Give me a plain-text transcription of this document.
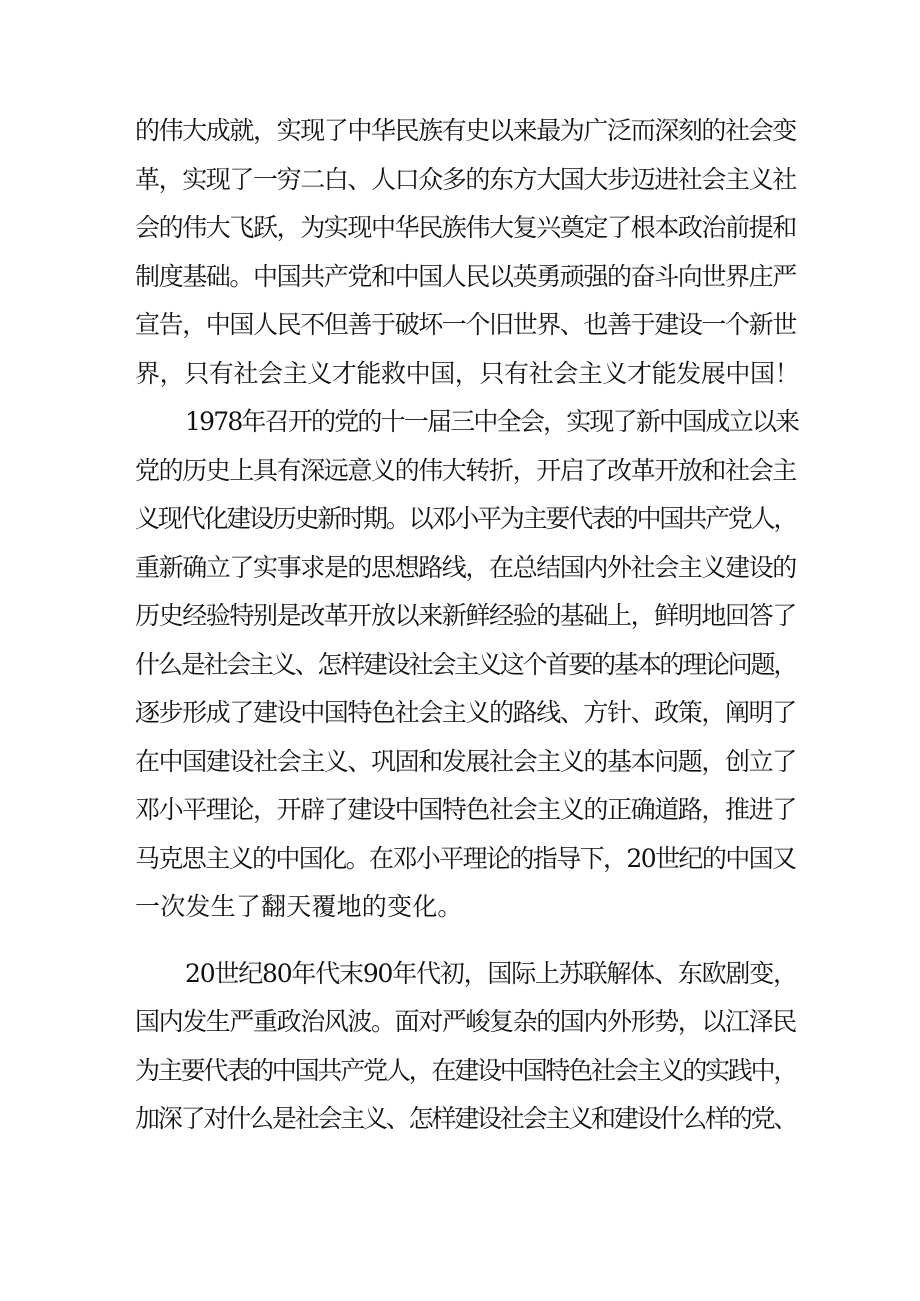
的伟大成就，实现了中华民族有史以来最为广泛而深刻的社会变
革，实现了一穷二白、人口众多的东方大国大步迈进社会主义社
会的伟大飞跃，为实现中华民族伟大复兴奠定了根本政治前提和
制度基础。中国共产党和中国人民以英勇顽强的奋斗向世界庄严
宣告，中国人民不但善于破坏一个旧世界、也善于建设一个新世
界，只有社会主义才能救中国，只有社会主义才能发展中国！
1978年召开的党的十一届三中全会，实现了新中国成立以来
党的历史上具有深远意义的伟大转折，开启了改革开放和社会主
义现代化建设历史新时期。以邓小平为主要代表的中国共产党人，
重新确立了实事求是的思想路线，在总结国内外社会主义建设的
历史经验特别是改革开放以来新鲜经验的基础上，鲜明地回答了
什么是社会主义、怎样建设社会主义这个首要的基本的理论问题，
逐步形成了建设中国特色社会主义的路线、方针、政策，阐明了
在中国建设社会主义、巩固和发展社会主义的基本问题，创立了
邓小平理论，开辟了建设中国特色社会主义的正确道路，推进了
马克思主义的中国化。在邓小平理论的指导下，20世纪的中国又
一次发生了翻天覆地的变化。
20世纪80年代末90年代初，国际上苏联解体、东欧剧变，
国内发生严重政治风波。面对严峻复杂的国内外形势，以江泽民
为主要代表的中国共产党人，在建设中国特色社会主义的实践中，
加深了对什么是社会主义、怎样建设社会主义和建设什么样的党、
